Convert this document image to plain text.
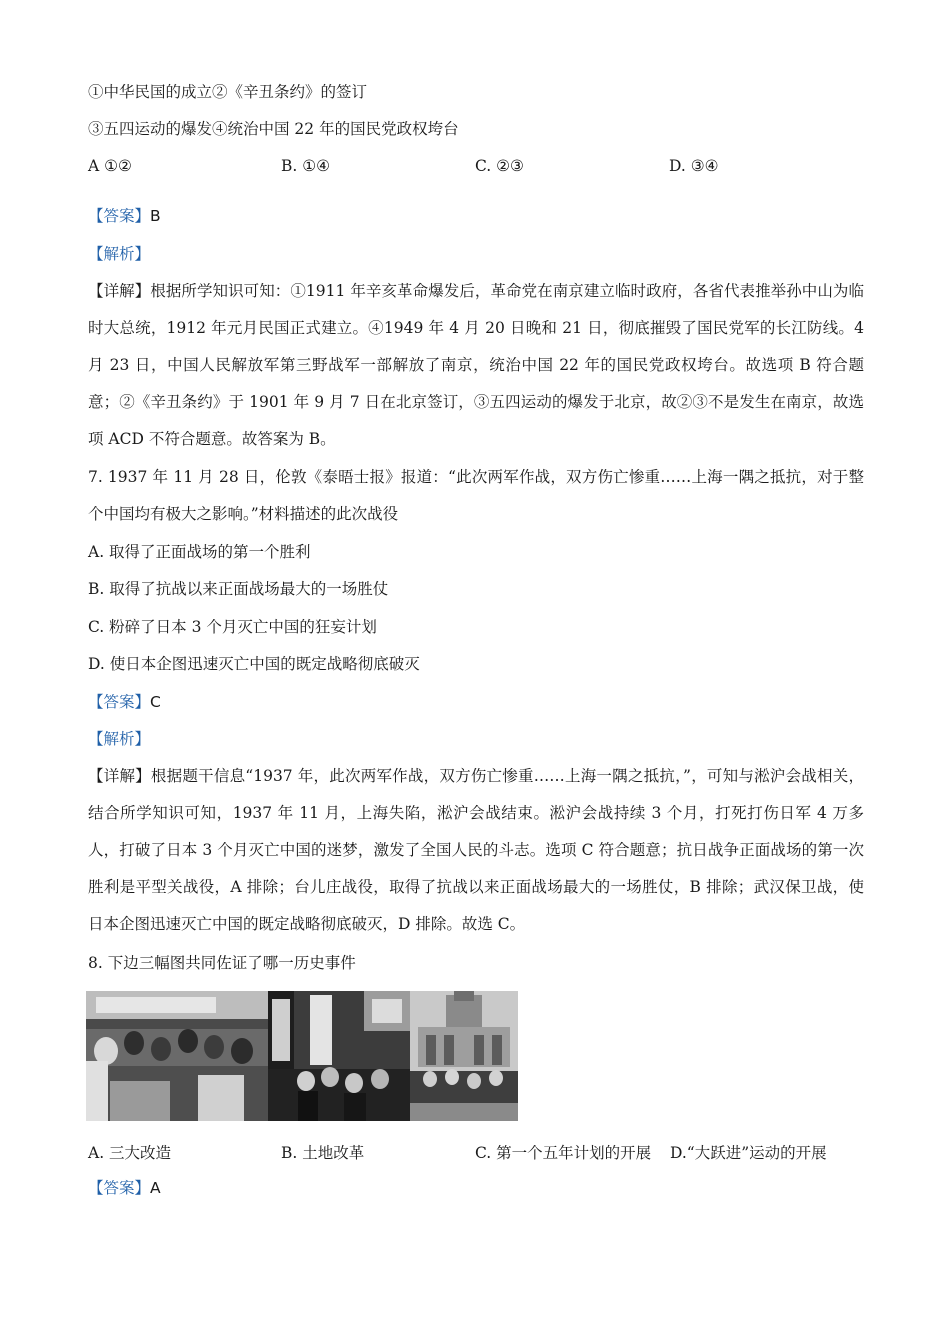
①中华民国的成立②《辛丑条约》的签订
③五四运动的爆发④统治中国 22 年的国民党政权垮台
A ①②	B. ①④	C. ②③	D. ③④
【答案】B
【解析】
【详解】根据所学知识可知：①1911 年辛亥革命爆发后，革命党在南京建立临时政府，各省代表推举孙中山为临时大总统，1912 年元月民国正式建立。④1949 年 4 月 20 日晚和 21 日，彻底摧毁了国民党军的长江防线。4 月 23 日，中国人民解放军第三野战军一部解放了南京，统治中国 22 年的国民党政权垮台。故选项 B 符合题意；②《辛丑条约》于 1901 年 9 月 7 日在北京签订，③五四运动的爆发于北京，故②③不是发生在南京，故选项 ACD 不符合题意。故答案为 B。
7. 1937 年 11 月 28 日，伦敦《泰晤士报》报道：“此次两军作战，双方伤亡惨重……上海一隅之抵抗，对于整个中国均有极大之影响。”材料描述的此次战役
A. 取得了正面战场的第一个胜利
B. 取得了抗战以来正面战场最大的一场胜仗
C. 粉碎了日本 3 个月灭亡中国的狂妄计划
D. 使日本企图迅速灭亡中国的既定战略彻底破灭
【答案】C
【解析】
【详解】根据题干信息“1937 年，此次两军作战，双方伤亡惨重……上海一隅之抵抗，”，可知与淞沪会战相关，结合所学知识可知，1937 年 11 月，上海失陷，淞沪会战结束。淞沪会战持续 3 个月，打死打伤日军 4 万多人，打破了日本 3 个月灭亡中国的迷梦，激发了全国人民的斗志。选项 C 符合题意；抗日战争正面战场的第一次胜利是平型关战役，A 排除；台儿庄战役，取得了抗战以来正面战场最大的一场胜仗，B 排除；武汉保卫战，使日本企图迅速灭亡中国的既定战略彻底破灭，D 排除。故选 C。
8. 下边三幅图共同佐证了哪一历史事件
A. 三大改造	B. 土地改革	C. 第一个五年计划的开展 D.“大跃进”运动的开展
【答案】A
